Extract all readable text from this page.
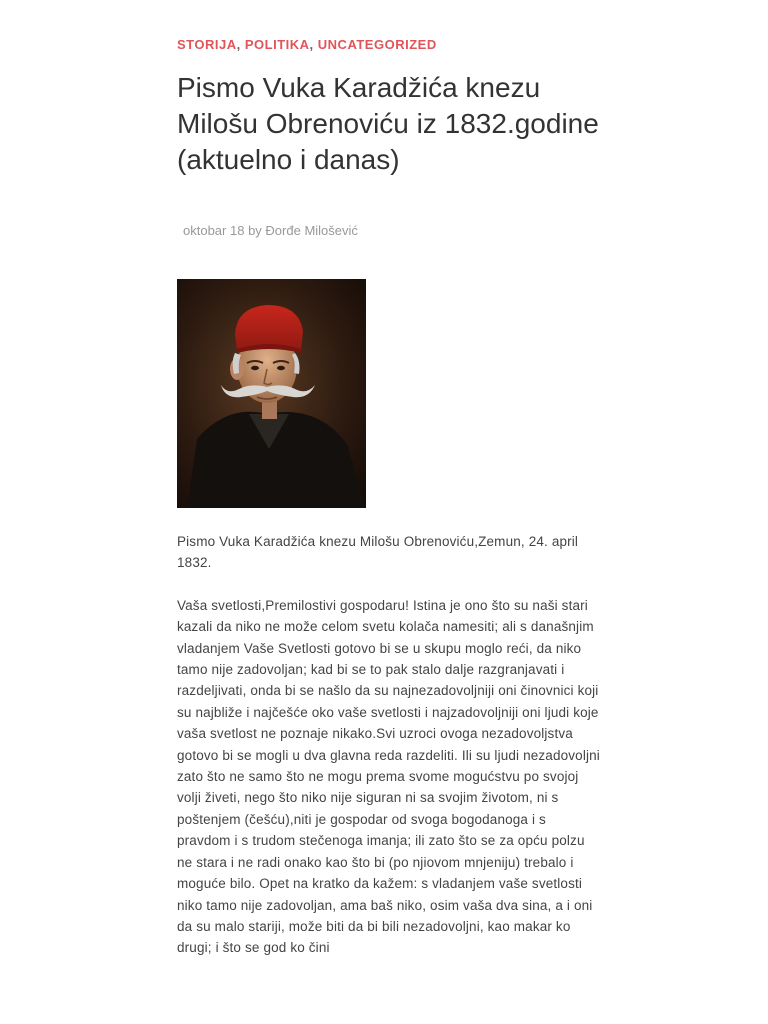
STORIJA, POLITIKA, UNCATEGORIZED
Pismo Vuka Karadžića knezu Milošu Obrenoviću iz 1832.godine (aktuelno i danas)
oktobar 18 by Đorđe Milošević

Pismo Vuka Karadžića knezu Milošu Obrenoviću,Zemun, 24. april 1832.

Vaša svetlosti,Premilostivi gospodaru! Istina je ono što su naši stari kazali da niko ne može celom svetu kolača namesiti; ali s današnjim vladanjem Vaše Svetlosti gotovo bi se u skupu moglo reći, da niko tamo nije zadovoljan; kad bi se to pak stalo dalje razgranjavati i razdeljivati, onda bi se našlo da su najnezadovoljniji oni činovnici koji su najbliže i najčešće oko vaše svetlosti i najzadovoljniji oni ljudi koje vaša svetlost ne poznaje nikako.Svi uzroci ovoga nezadovoljstva gotovo bi se mogli u dva glavna reda razdeliti. Ili su ljudi nezadovoljni zato što ne samo što ne mogu prema svome mogućstvu po svojoj volji živeti, nego što niko nije siguran ni sa svojim životom, ni s poštenjem (češću),niti je gospodar od svoga bogodanoga i s pravdom i s trudom stečenoga imanja; ili zato što se za opću polzu ne stara i ne radi onako kao što bi (po njiovom mnjeniju) trebalo i moguće bilo. Opet na kratko da kažem: s vladanjem vaše svetlosti niko tamo nije zadovoljan, ama baš niko, osim vaša dva sina, a i oni da su malo stariji, može biti da bi bili nezadovoljni, kao makar ko drugi; i što se god ko čini
